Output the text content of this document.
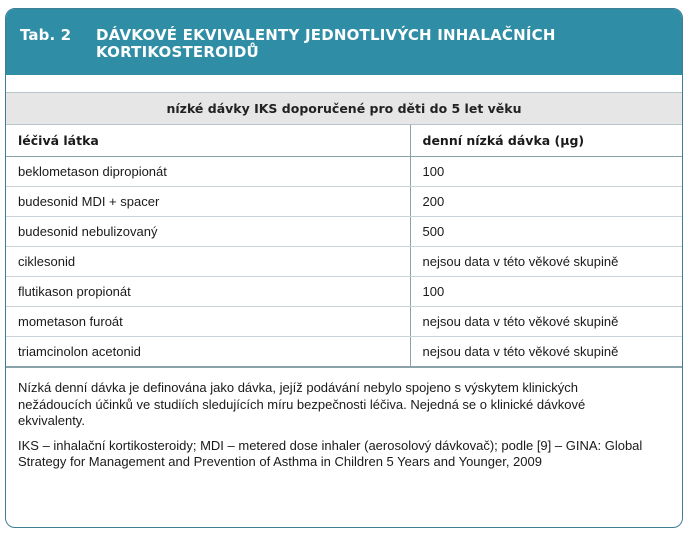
Tab. 2	DÁVKOVÉ EKVIVALENTY JEDNOTLIVÝCH INHALAČNÍCH KORTIKOSTEROIDŮ
nízké dávky IKS doporučené pro děti do 5 let věku
léčivá látka	denní nízká dávka (µg)
beklometason dipropionát	100
budesonid MDI + spacer	200
budesonid nebulizovaný	500
ciklesonid	nejsou data v této věkové skupině
flutikason propionát	100
mometason furoát	nejsou data v této věkové skupině
triamcinolon acetonid	nejsou data v této věkové skupině

Nízká denní dávka je definována jako dávka, jejíž podávání nebylo spojeno s výskytem klinických nežádoucích účinků ve studiích sledujících míru bezpečnosti léčiva. Nejedná se o klinické dávkové ekvivalenty.

IKS – inhalační kortikosteroidy; MDI – metered dose inhaler (aerosolový dávkovač); podle [9] – GINA: Global Strategy for Management and Prevention of Asthma in Children 5 Years and Younger, 2009
